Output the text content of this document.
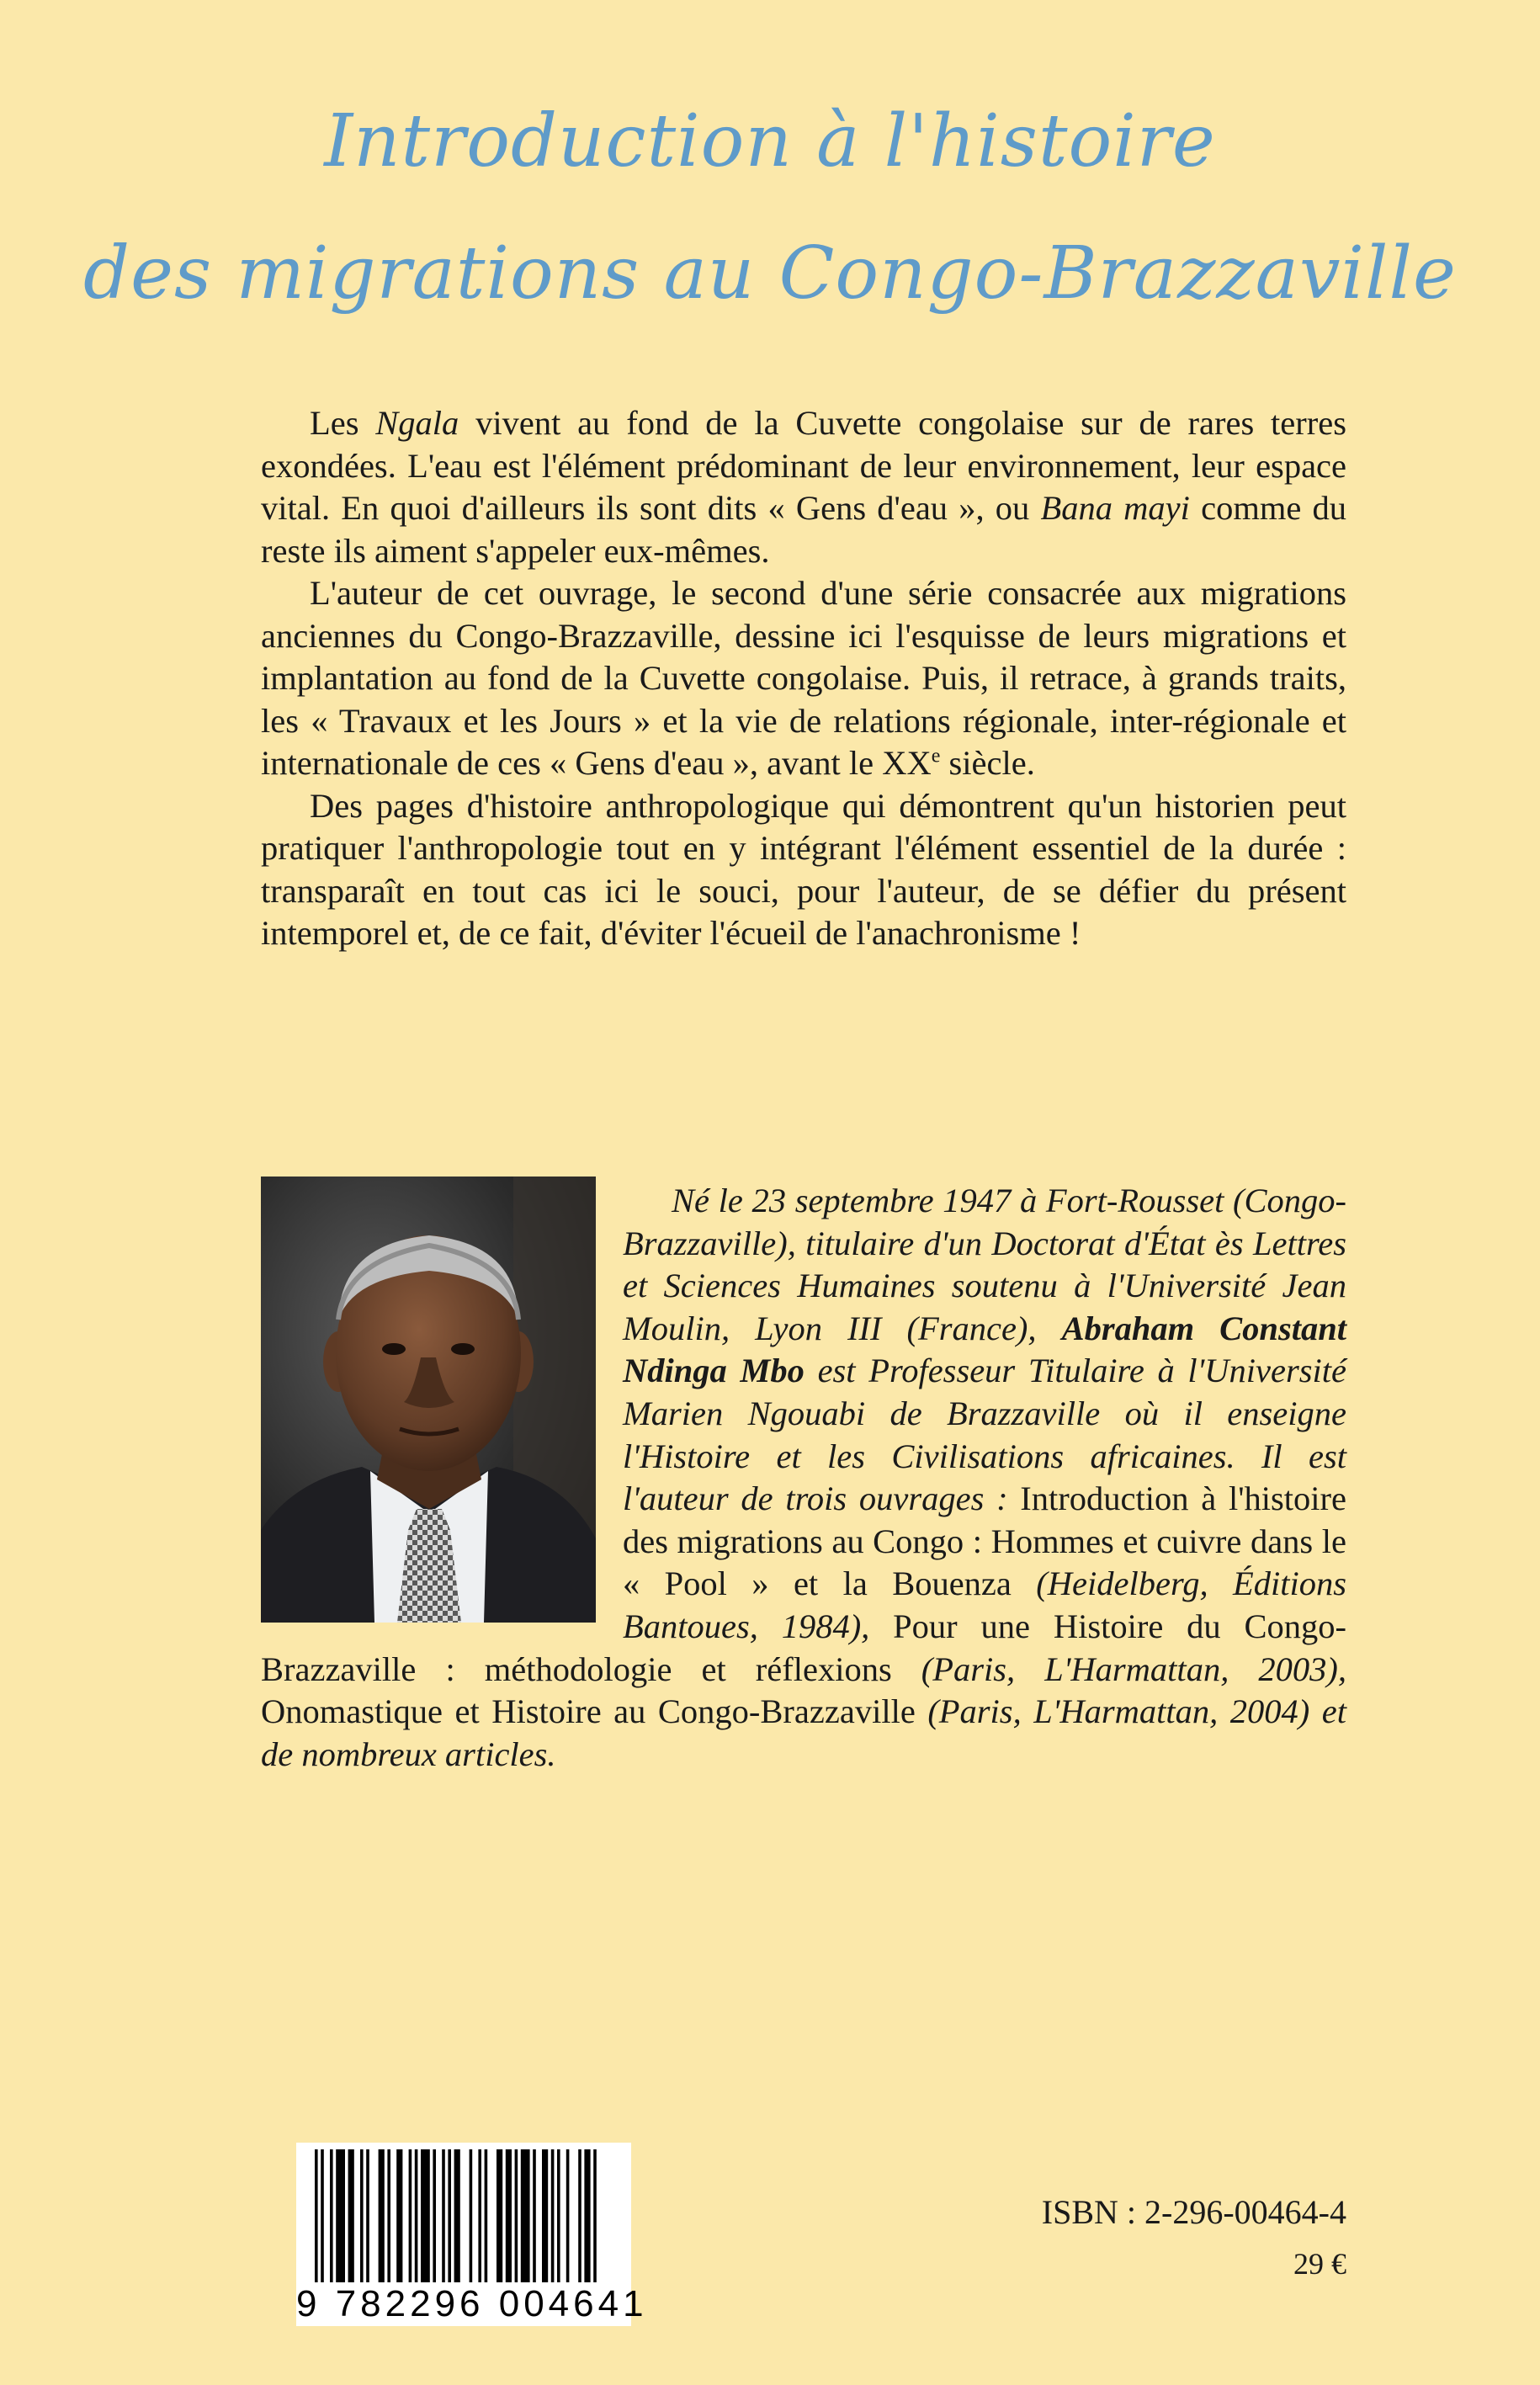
Introduction à l'histoire
des migrations au Congo-Brazzaville

Les Ngala vivent au fond de la Cuvette congolaise sur de rares terres exondées. L'eau est l'élément prédominant de leur environnement, leur espace vital. En quoi d'ailleurs ils sont dits « Gens d'eau », ou Bana mayi comme du reste ils aiment s'appeler eux-mêmes.

L'auteur de cet ouvrage, le second d'une série consacrée aux migrations anciennes du Congo-Brazzaville, dessine ici l'esquisse de leurs migrations et implantation au fond de la Cuvette congolaise. Puis, il retrace, à grands traits, les « Travaux et les Jours » et la vie de relations régionale, inter-régionale et internationale de ces « Gens d'eau », avant le XXe siècle.

Des pages d'histoire anthropologique qui démontrent qu'un historien peut pratiquer l'anthropologie tout en y intégrant l'élément essentiel de la durée : transparaît en tout cas ici le souci, pour l'auteur, de se défier du présent intemporel et, de ce fait, d'éviter l'écueil de l'anachronisme !

Né le 23 septembre 1947 à Fort-Rousset (Congo-Brazzaville), titulaire d'un Doctorat d'État ès Lettres et Sciences Humaines soutenu à l'Université Jean Moulin, Lyon III (France), Abraham Constant Ndinga Mbo est Professeur Titulaire à l'Université Marien Ngouabi de Brazzaville où il enseigne l'Histoire et les Civilisations africaines. Il est l'auteur de trois ouvrages : Introduction à l'histoire des migrations au Congo : Hommes et cuivre dans le « Pool » et la Bouenza (Heidelberg, Éditions Bantoues, 1984), Pour une Histoire du Congo-Brazzaville : méthodologie et réflexions (Paris, L'Harmattan, 2003), Onomastique et Histoire au Congo-Brazzaville (Paris, L'Harmattan, 2004) et de nombreux articles.

9 782296 004641
ISBN : 2-296-00464-4
29 €
